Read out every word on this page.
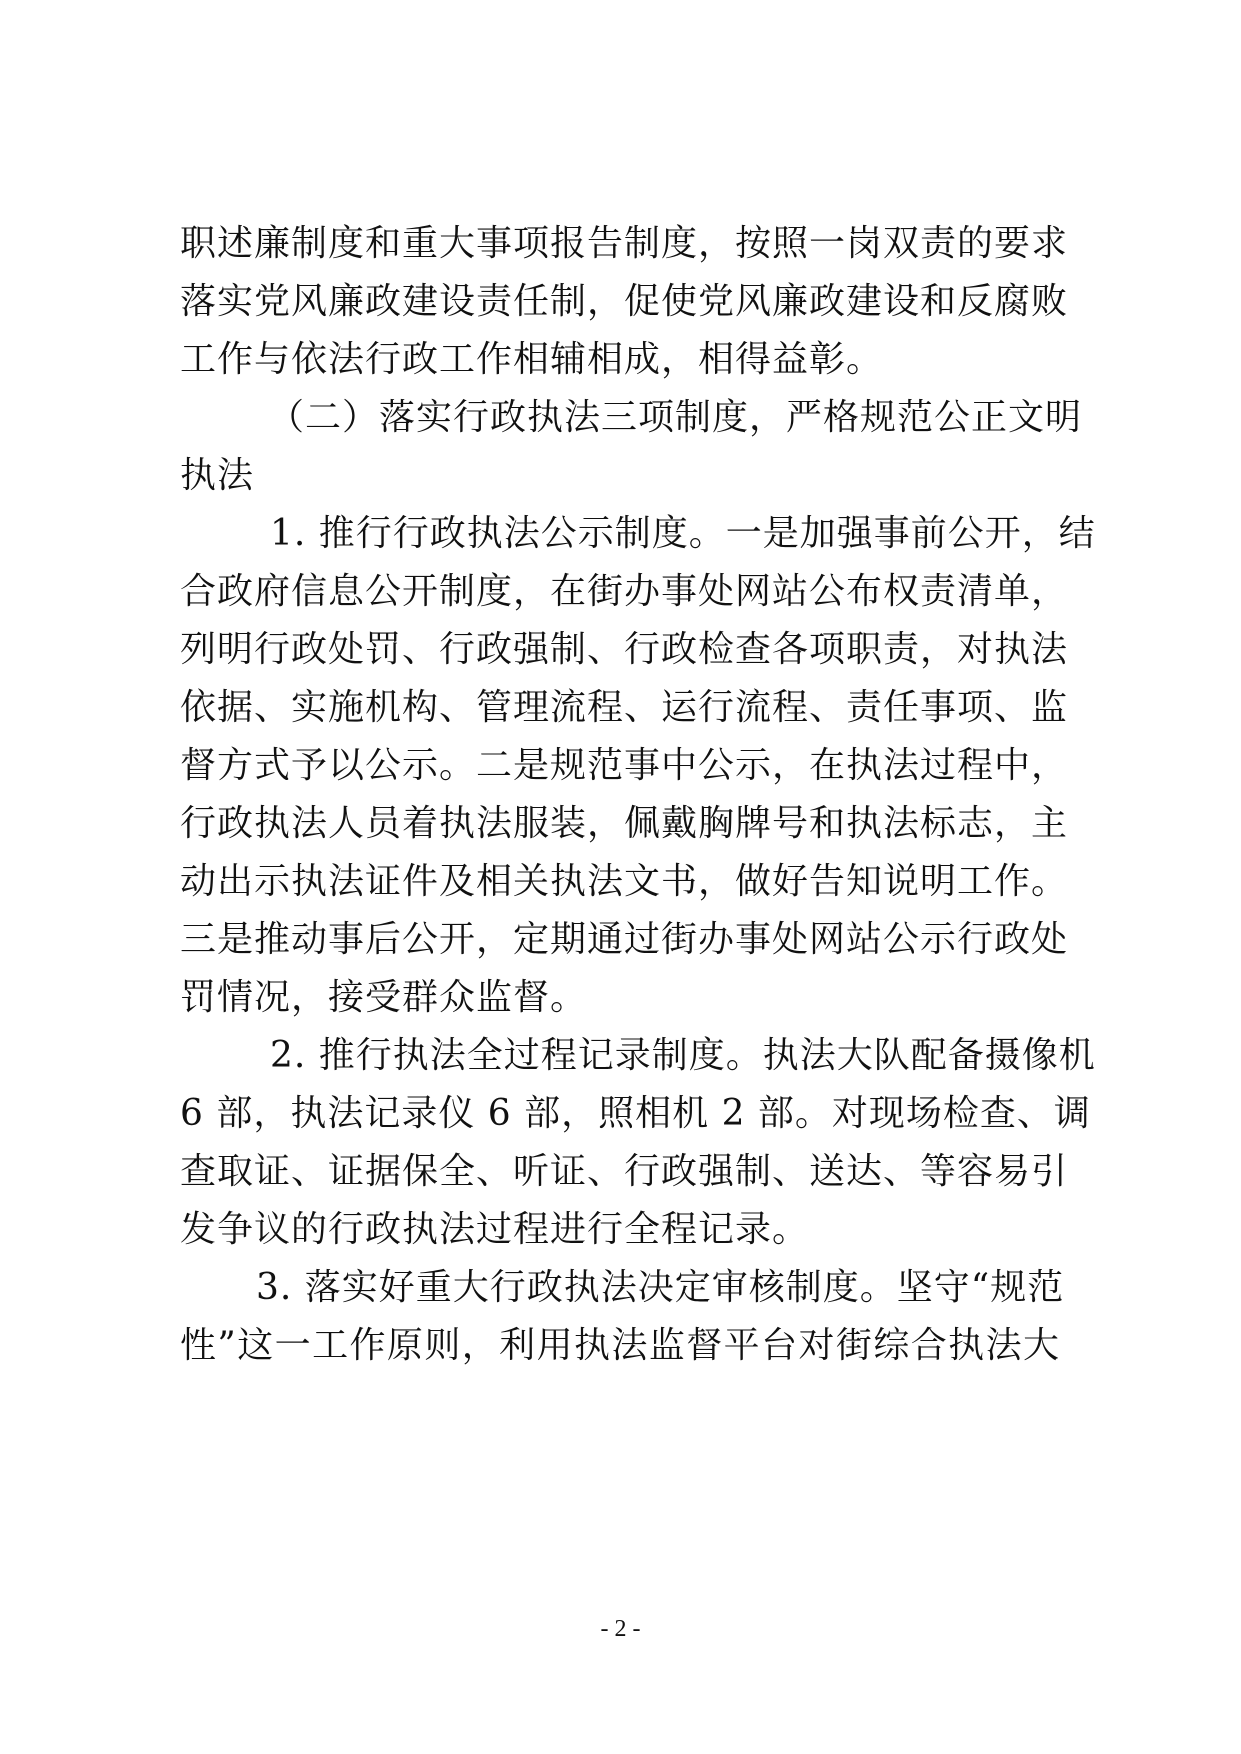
职述廉制度和重大事项报告制度，按照一岗双责的要求
落实党风廉政建设责任制，促使党风廉政建设和反腐败
工作与依法行政工作相辅相成，相得益彰。
（二）落实行政执法三项制度，严格规范公正文明
执法
1. 推行行政执法公示制度。一是加强事前公开，结
合政府信息公开制度，在街办事处网站公布权责清单，
列明行政处罚、行政强制、行政检查各项职责，对执法
依据、实施机构、管理流程、运行流程、责任事项、监
督方式予以公示。二是规范事中公示，在执法过程中，
行政执法人员着执法服装，佩戴胸牌号和执法标志，主
动出示执法证件及相关执法文书，做好告知说明工作。
三是推动事后公开，定期通过街办事处网站公示行政处
罚情况，接受群众监督。
2. 推行执法全过程记录制度。执法大队配备摄像机
6 部，执法记录仪 6 部，照相机 2 部。对现场检查、调
查取证、证据保全、听证、行政强制、送达、等容易引
发争议的行政执法过程进行全程记录。
3. 落实好重大行政执法决定审核制度。坚守“规范
性”这一工作原则，利用执法监督平台对街综合执法大
- 2 -
